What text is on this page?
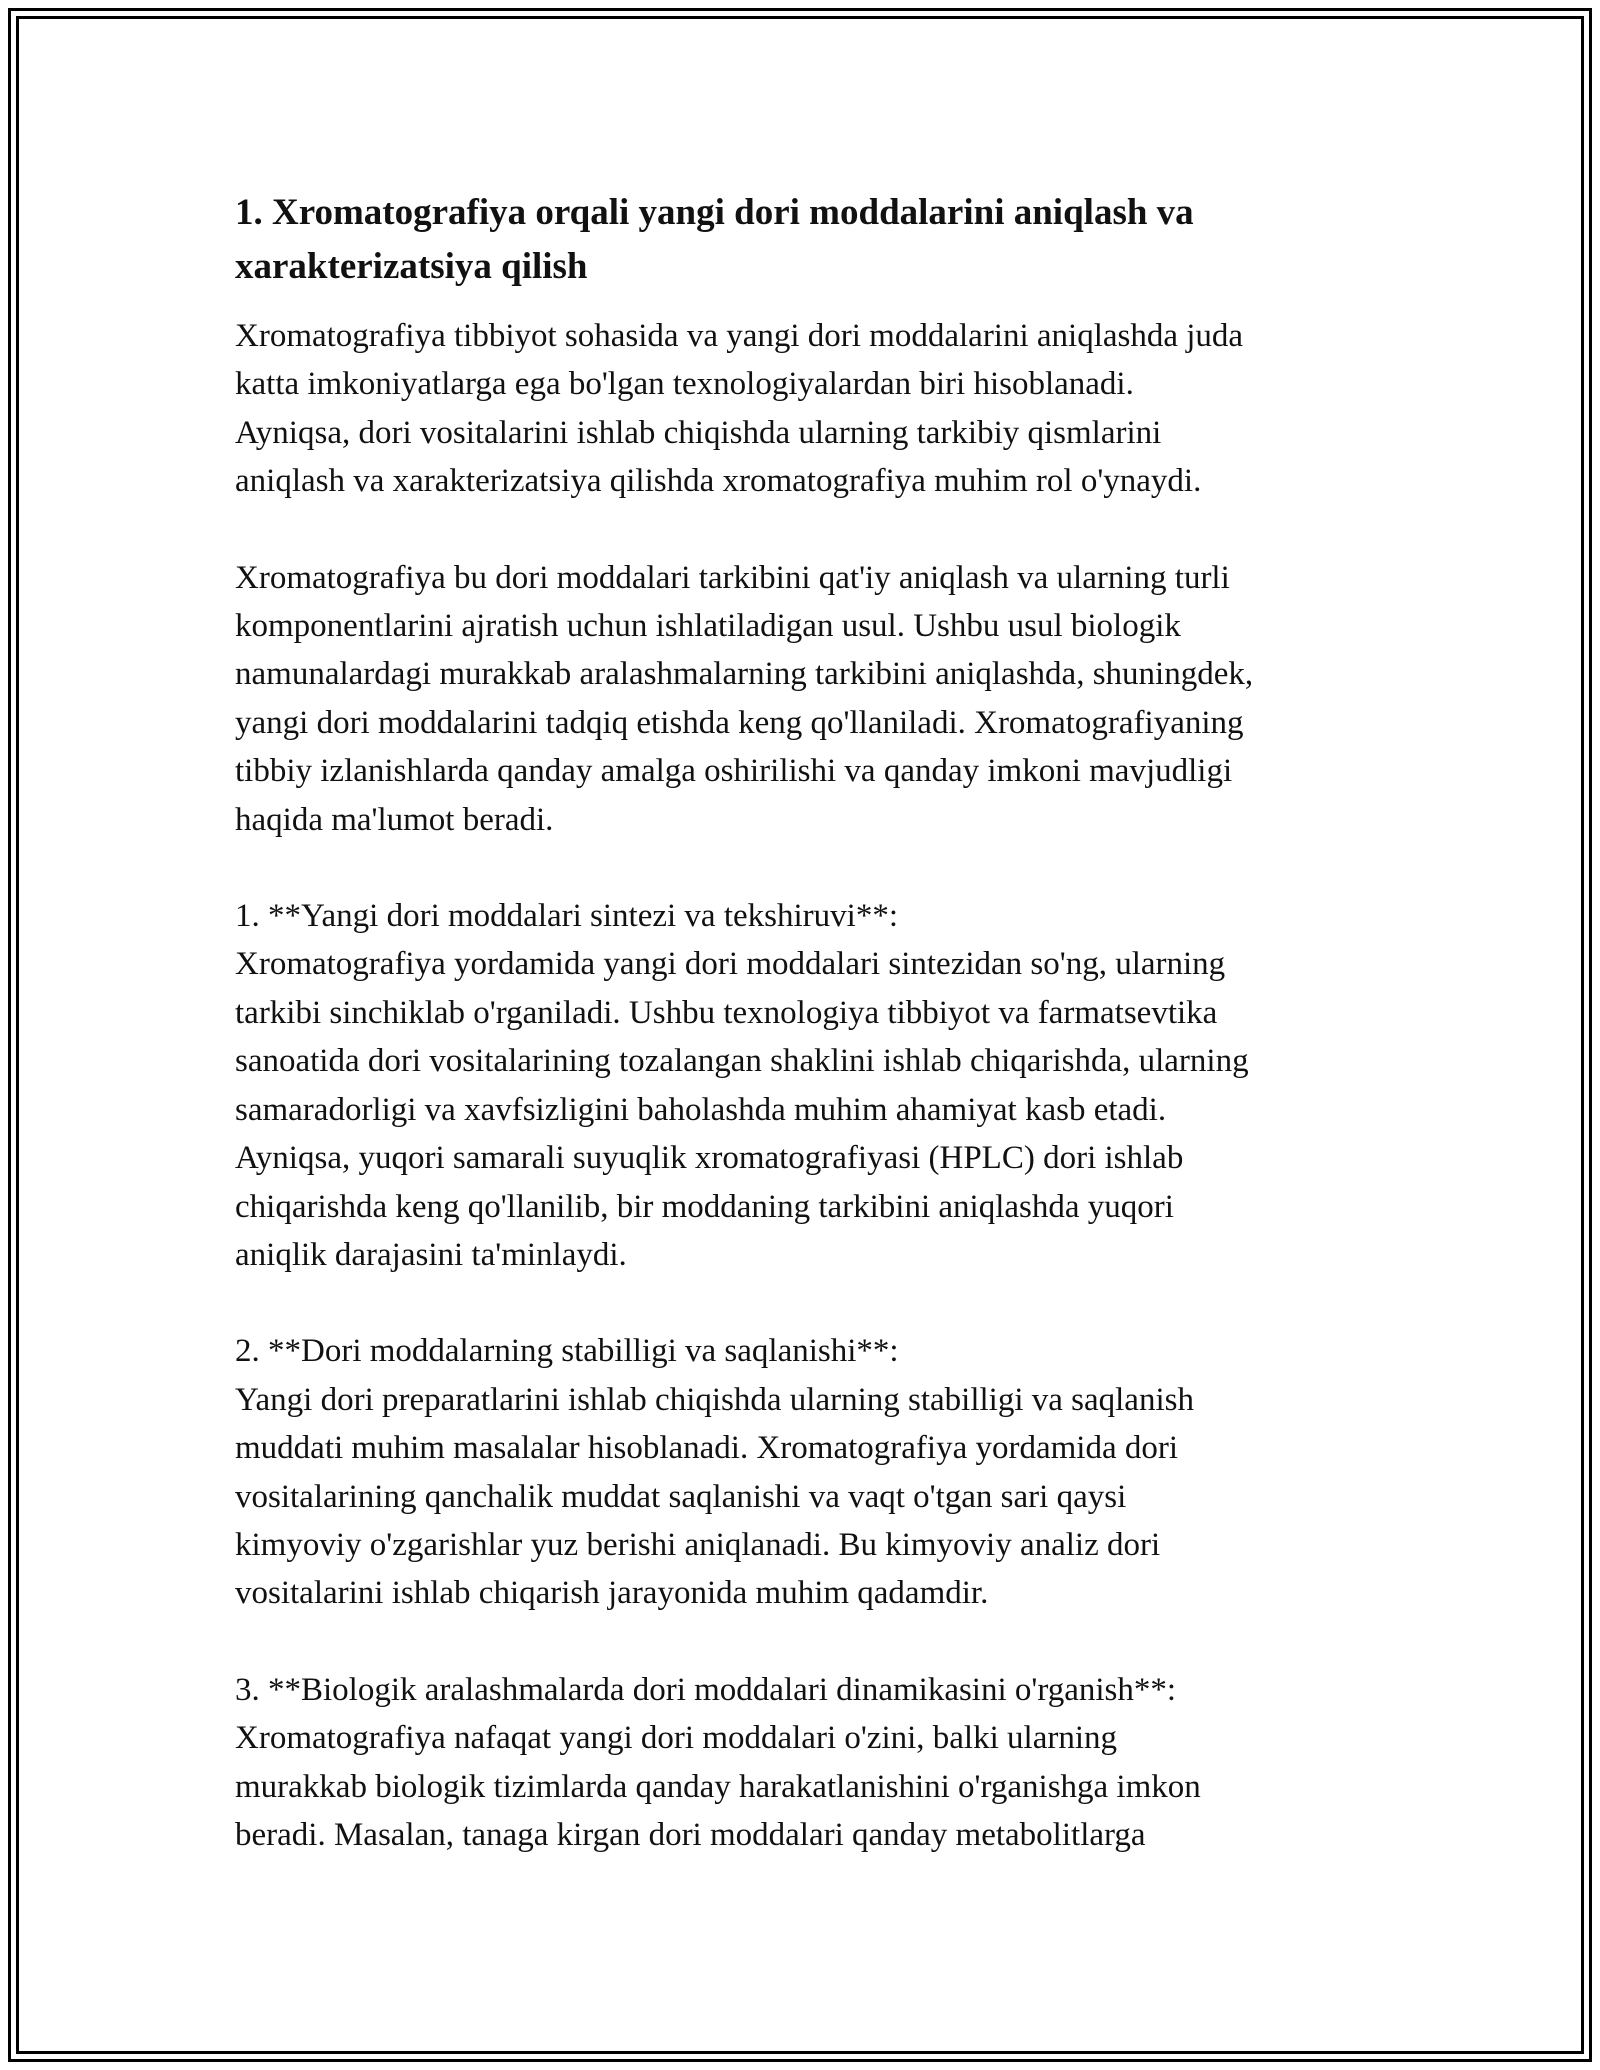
1. Xromatografiya orqali yangi dori moddalarini aniqlash va
xarakterizatsiya qilish

Xromatografiya tibbiyot sohasida va yangi dori moddalarini aniqlashda juda
katta imkoniyatlarga ega bo'lgan texnologiyalardan biri hisoblanadi.
Ayniqsa, dori vositalarini ishlab chiqishda ularning tarkibiy qismlarini
aniqlash va xarakterizatsiya qilishda xromatografiya muhim rol o'ynaydi.

Xromatografiya bu dori moddalari tarkibini qat'iy aniqlash va ularning turli
komponentlarini ajratish uchun ishlatiladigan usul. Ushbu usul biologik
namunalardagi murakkab aralashmalarning tarkibini aniqlashda, shuningdek,
yangi dori moddalarini tadqiq etishda keng qo'llaniladi. Xromatografiyaning
tibbiy izlanishlarda qanday amalga oshirilishi va qanday imkoni mavjudligi
haqida ma'lumot beradi.

1. **Yangi dori moddalari sintezi va tekshiruvi**:
Xromatografiya yordamida yangi dori moddalari sintezidan so'ng, ularning
tarkibi sinchiklab o'rganiladi. Ushbu texnologiya tibbiyot va farmatsevtika
sanoatida dori vositalarining tozalangan shaklini ishlab chiqarishda, ularning
samaradorligi va xavfsizligini baholashda muhim ahamiyat kasb etadi.
Ayniqsa, yuqori samarali suyuqlik xromatografiyasi (HPLC) dori ishlab
chiqarishda keng qo'llanilib, bir moddaning tarkibini aniqlashda yuqori
aniqlik darajasini ta'minlaydi.

2. **Dori moddalarning stabilligi va saqlanishi**:
Yangi dori preparatlarini ishlab chiqishda ularning stabilligi va saqlanish
muddati muhim masalalar hisoblanadi. Xromatografiya yordamida dori
vositalarining qanchalik muddat saqlanishi va vaqt o'tgan sari qaysi
kimyoviy o'zgarishlar yuz berishi aniqlanadi. Bu kimyoviy analiz dori
vositalarini ishlab chiqarish jarayonida muhim qadamdir.

3. **Biologik aralashmalarda dori moddalari dinamikasini o'rganish**:
Xromatografiya nafaqat yangi dori moddalari o'zini, balki ularning
murakkab biologik tizimlarda qanday harakatlanishini o'rganishga imkon
beradi. Masalan, tanaga kirgan dori moddalari qanday metabolitlarga
